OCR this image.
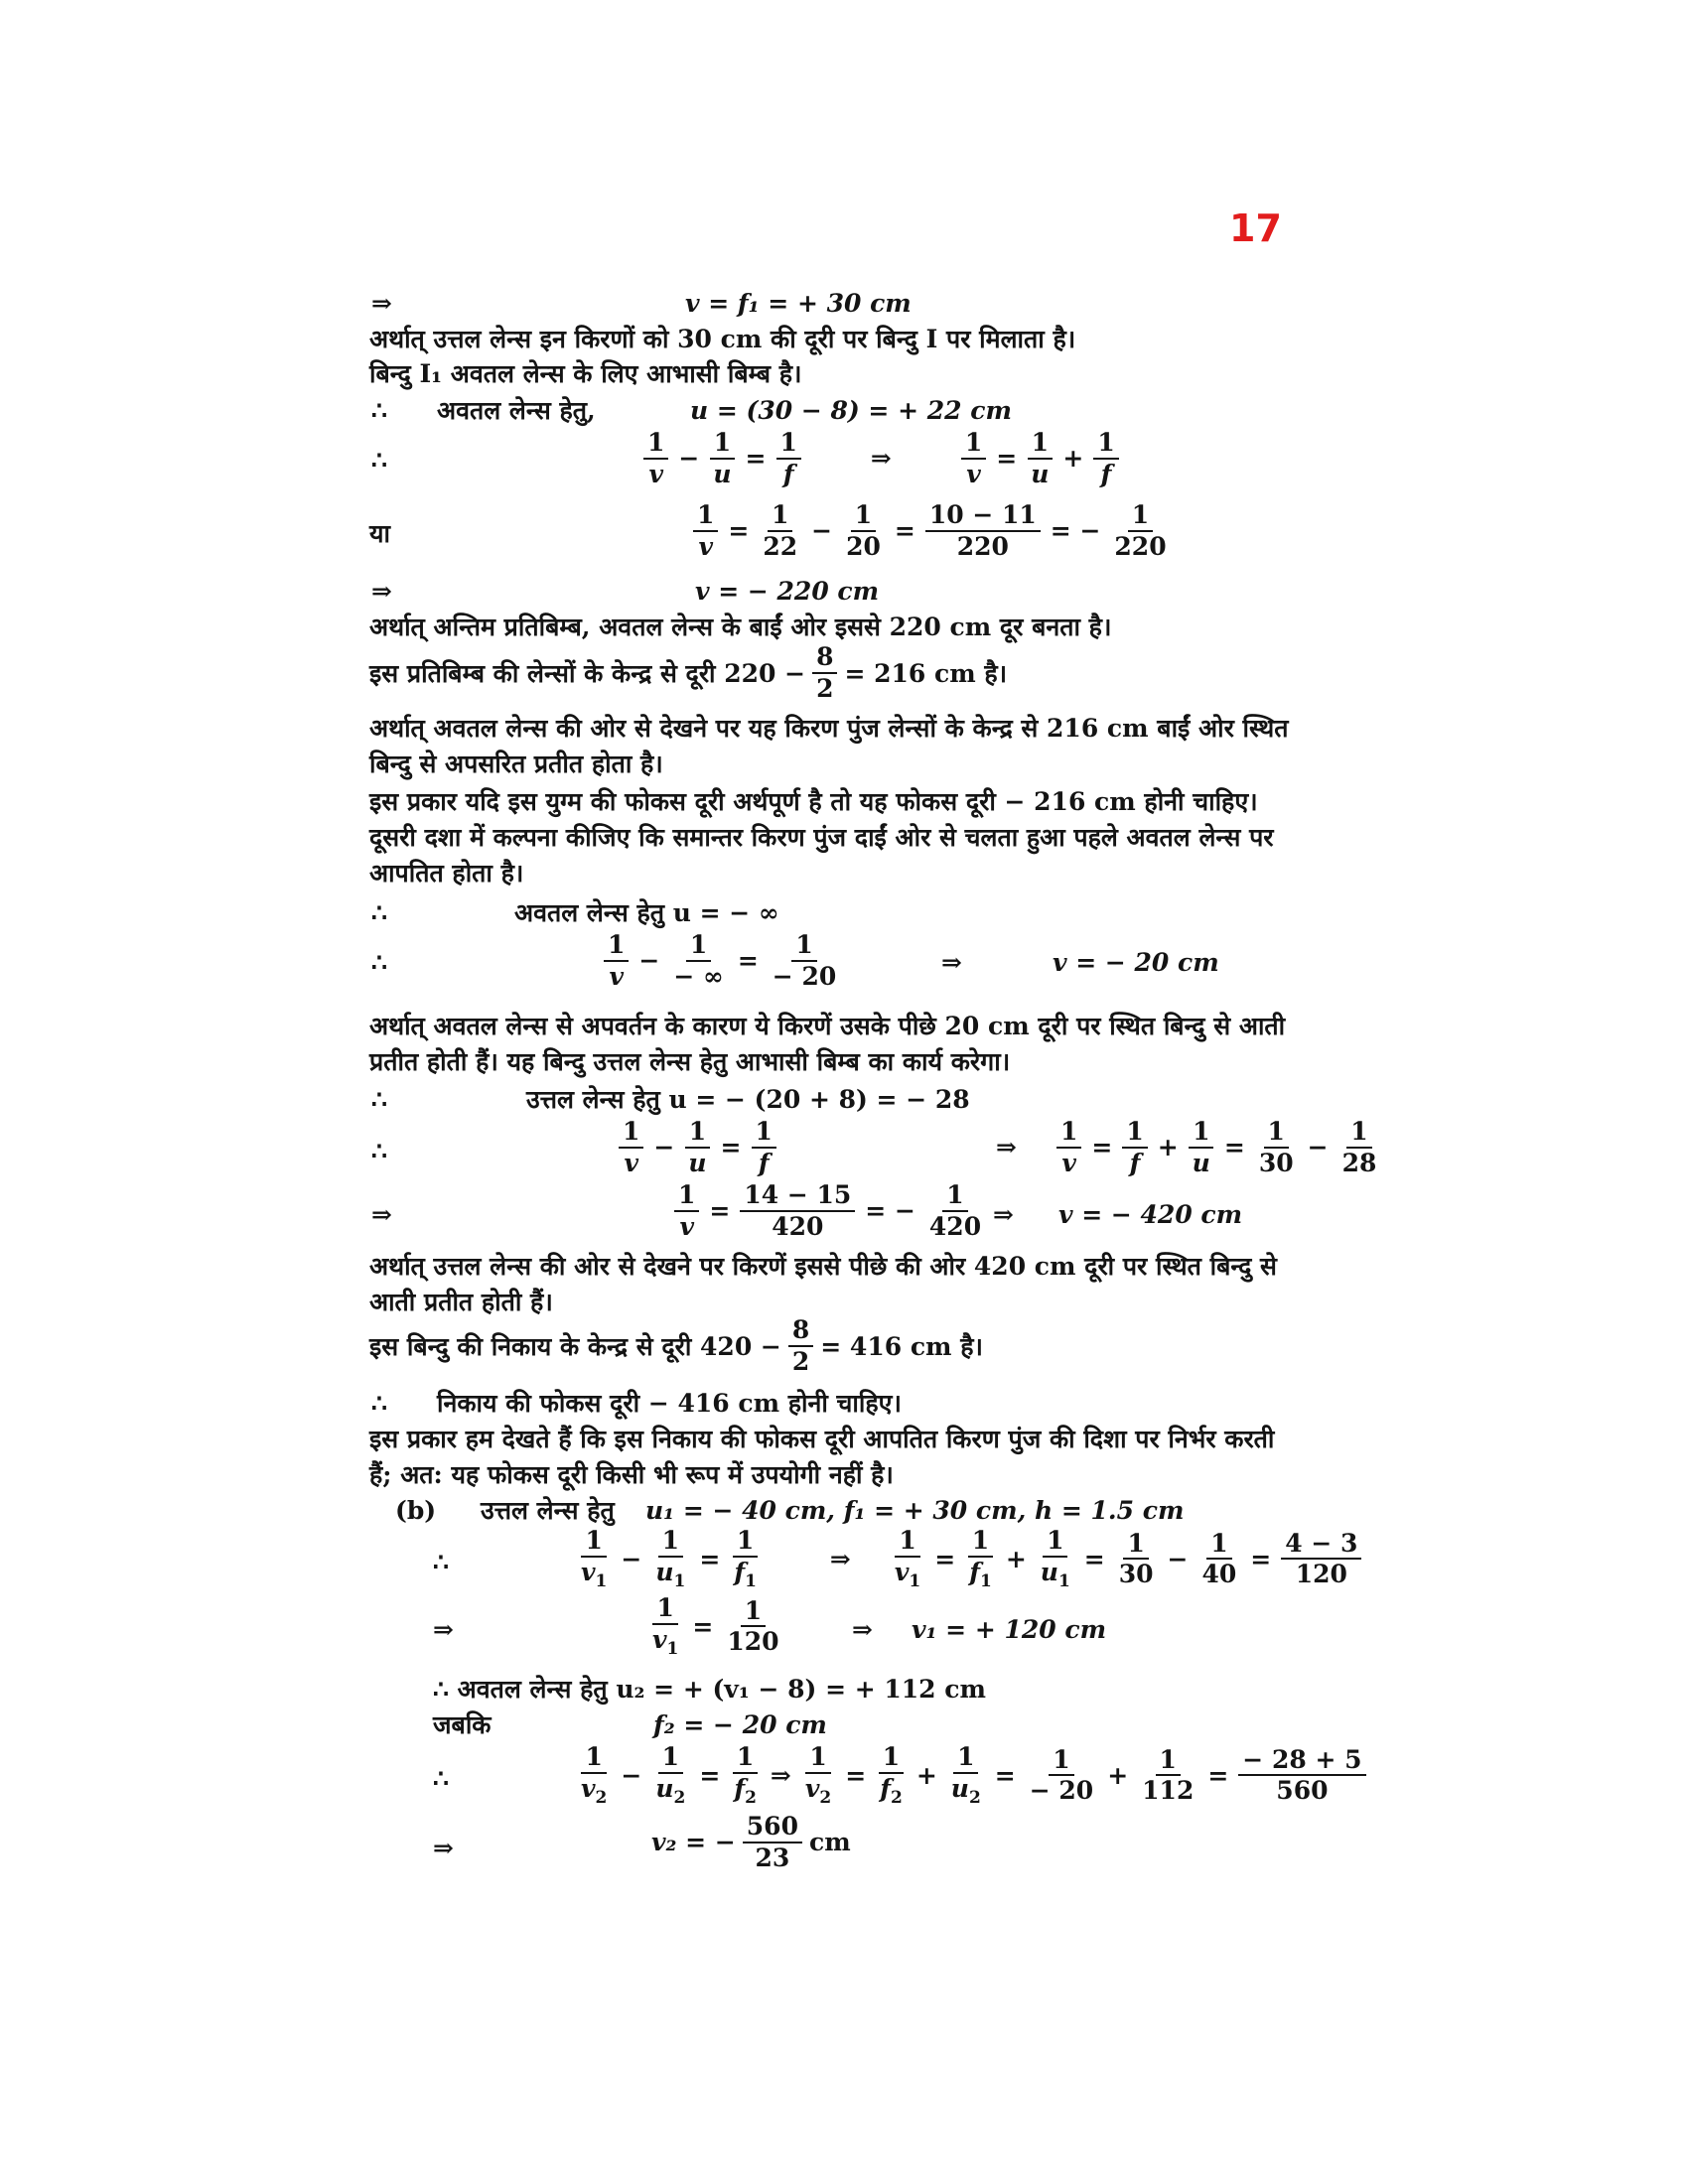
17
⇒	v = f₁ = + 30 cm
अर्थात् उत्तल लेन्स इन किरणों को 30 cm की दूरी पर बिन्दु I पर मिलाता है।
बिन्दु I₁ अवतल लेन्स के लिए आभासी बिम्ब है।
∴ अवतल लेन्स हेतु,	u = (30 − 8) = + 22 cm
∴	$\frac{1}{v} - \frac{1}{u} = \frac{1}{f}$	⇒	$\frac{1}{v} = \frac{1}{u} + \frac{1}{f}$
या	$\frac{1}{v} = \frac{1}{22} - \frac{1}{20} = \frac{10 - 11}{220}$ = − $\frac{1}{220}$
⇒	v = − 220 cm
अर्थात् अन्तिम प्रतिबिम्ब, अवतल लेन्स के बाईं ओर इससे 220 cm दूर बनता है।
इस प्रतिबिम्ब की लेन्सों के केन्द्र से दूरी $220 - \frac{8}{2} = 216$ cm है।
अर्थात् अवतल लेन्स की ओर से देखने पर यह किरण पुंज लेन्सों के केन्द्र से 216 cm बाईं ओर स्थित
बिन्दु से अपसरित प्रतीत होता है।
इस प्रकार यदि इस युग्म की फोकस दूरी अर्थपूर्ण है तो यह फोकस दूरी − 216 cm होनी चाहिए।
दूसरी दशा में कल्पना कीजिए कि समान्तर किरण पुंज दाईं ओर से चलता हुआ पहले अवतल लेन्स पर
आपतित होता है।
∴	अवतल लेन्स हेतु u = − ∞
∴	$\frac{1}{v} - \frac{1}{- \infty} = \frac{1}{- 20}$	⇒	v = − 20 cm
अर्थात् अवतल लेन्स से अपवर्तन के कारण ये किरणें उसके पीछे 20 cm दूरी पर स्थित बिन्दु से आती
प्रतीत होती हैं। यह बिन्दु उत्तल लेन्स हेतु आभासी बिम्ब का कार्य करेगा।
∴	उत्तल लेन्स हेतु u = − (20 + 8) = − 28
∴	$\frac{1}{v} - \frac{1}{u} = \frac{1}{f}$	⇒ $\frac{1}{v} = \frac{1}{f} + \frac{1}{u} = \frac{1}{30} - \frac{1}{28}$
⇒	$\frac{1}{v} = \frac{14 - 15}{420}$ = − $\frac{1}{420}$ ⇒ v = − 420 cm
अर्थात् उत्तल लेन्स की ओर से देखने पर किरणें इससे पीछे की ओर 420 cm दूरी पर स्थित बिन्दु से
आती प्रतीत होती हैं।
इस बिन्दु की निकाय के केन्द्र से दूरी $420 - \frac{8}{2} = 416$ cm है।
∴ निकाय की फोकस दूरी − 416 cm होनी चाहिए।
इस प्रकार हम देखते हैं कि इस निकाय की फोकस दूरी आपतित किरण पुंज की दिशा पर निर्भर करती
हैं; अत: यह फोकस दूरी किसी भी रूप में उपयोगी नहीं है।
(b) उत्तल लेन्स हेतु u₁ = − 40 cm, f₁ = + 30 cm, h = 1.5 cm
∴	$\frac{1}{v_1} - \frac{1}{u_1} = \frac{1}{f_1}$	⇒ $\frac{1}{v_1} = \frac{1}{f_1} + \frac{1}{u_1} = \frac{1}{30} - \frac{1}{40} = \frac{4 - 3}{120}$
⇒	$\frac{1}{v_1} = \frac{1}{120}$	⇒ v₁ = + 120 cm
∴ अवतल लेन्स हेतु u₂ = + (v₁ − 8) = + 112 cm
जबकि	f₂ = − 20 cm
∴	$\frac{1}{v_2} - \frac{1}{u_2} = \frac{1}{f_2}$ ⇒ $\frac{1}{v_2} = \frac{1}{f_2} + \frac{1}{u_2} = \frac{1}{- 20} + \frac{1}{112} = \frac{- 28 + 5}{560}$
⇒	v₂ = − $\frac{560}{23}$ cm
